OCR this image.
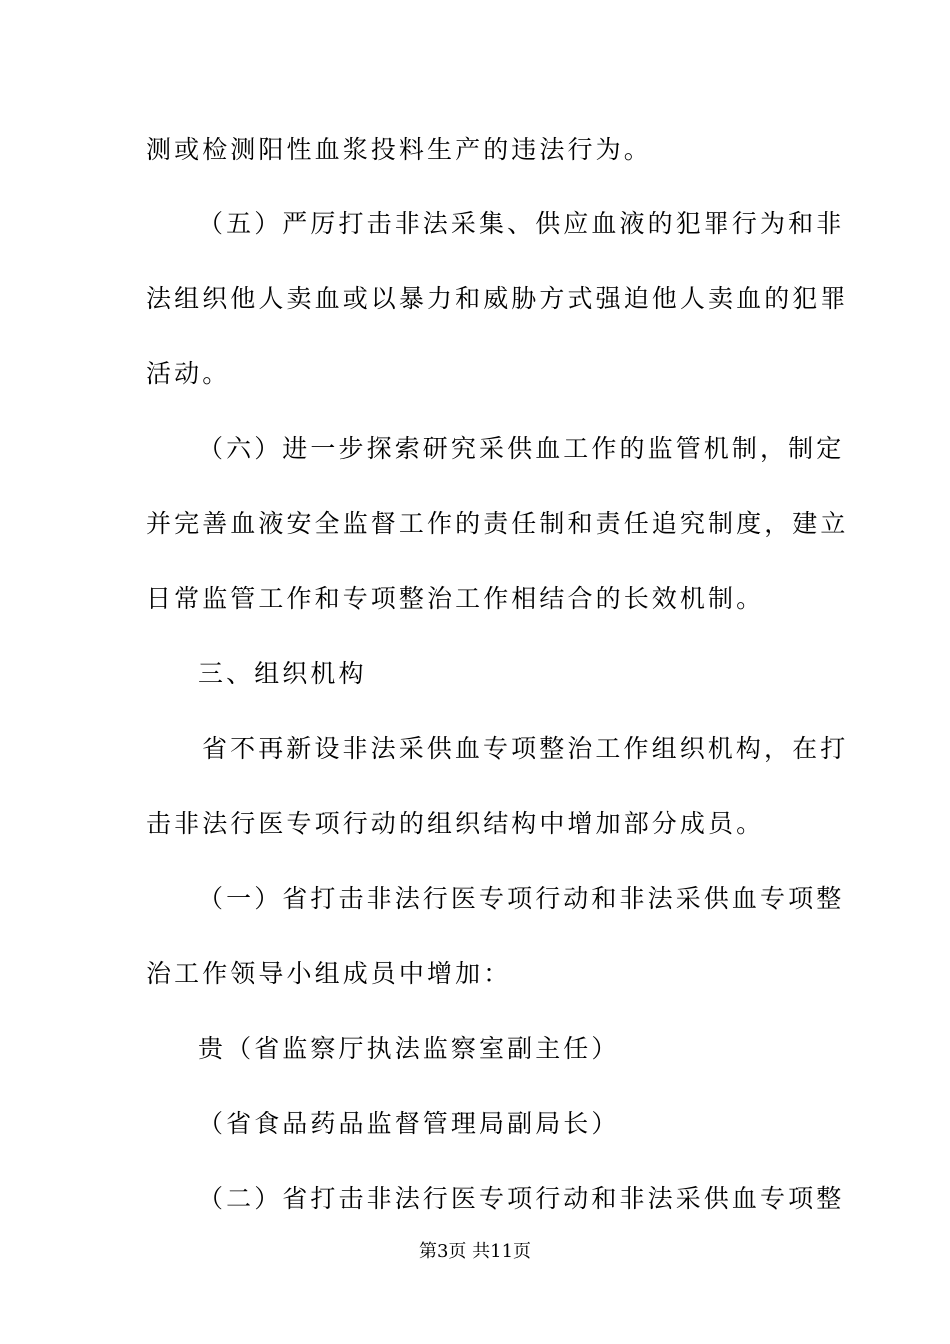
测或检测阳性血浆投料生产的违法行为。
（五）严厉打击非法采集、供应血液的犯罪行为和非
法组织他人卖血或以暴力和威胁方式强迫他人卖血的犯罪
活动。
（六）进一步探索研究采供血工作的监管机制，制定
并完善血液安全监督工作的责任制和责任追究制度，建立
日常监管工作和专项整治工作相结合的长效机制。
三、组织机构
省不再新设非法采供血专项整治工作组织机构，在打
击非法行医专项行动的组织结构中增加部分成员。
（一）省打击非法行医专项行动和非法采供血专项整
治工作领导小组成员中增加：
贵（省监察厅执法监察室副主任）
（省食品药品监督管理局副局长）
（二）省打击非法行医专项行动和非法采供血专项整
第3页 共11页
